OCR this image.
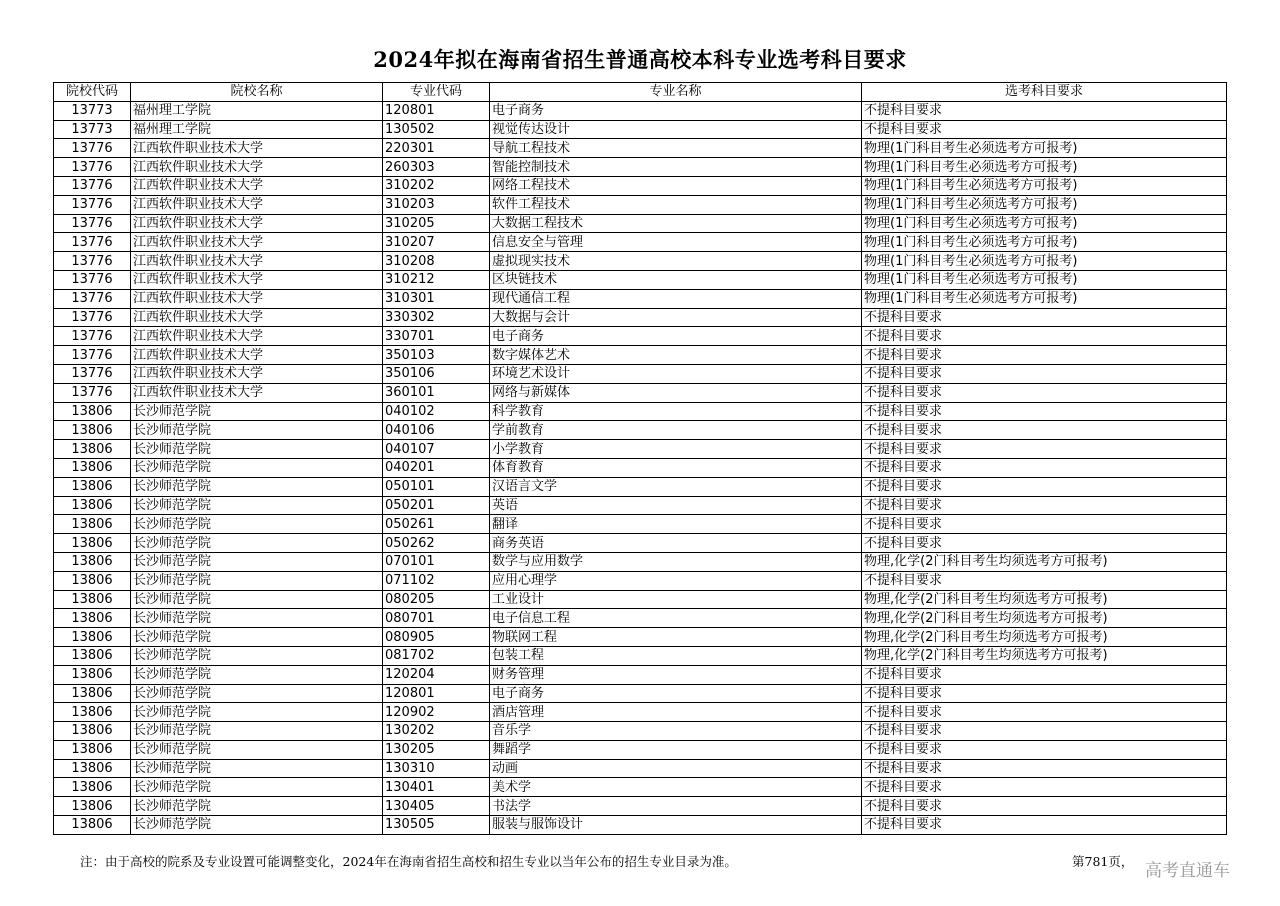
2024年拟在海南省招生普通高校本科专业选考科目要求
院校代码	院校名称	专业代码	专业名称	选考科目要求
13773	福州理工学院	120801	电子商务	不提科目要求
13773	福州理工学院	130502	视觉传达设计	不提科目要求
13776	江西软件职业技术大学	220301	导航工程技术	物理(1门科目考生必须选考方可报考)
13776	江西软件职业技术大学	260303	智能控制技术	物理(1门科目考生必须选考方可报考)
13776	江西软件职业技术大学	310202	网络工程技术	物理(1门科目考生必须选考方可报考)
13776	江西软件职业技术大学	310203	软件工程技术	物理(1门科目考生必须选考方可报考)
13776	江西软件职业技术大学	310205	大数据工程技术	物理(1门科目考生必须选考方可报考)
13776	江西软件职业技术大学	310207	信息安全与管理	物理(1门科目考生必须选考方可报考)
13776	江西软件职业技术大学	310208	虚拟现实技术	物理(1门科目考生必须选考方可报考)
13776	江西软件职业技术大学	310212	区块链技术	物理(1门科目考生必须选考方可报考)
13776	江西软件职业技术大学	310301	现代通信工程	物理(1门科目考生必须选考方可报考)
13776	江西软件职业技术大学	330302	大数据与会计	不提科目要求
13776	江西软件职业技术大学	330701	电子商务	不提科目要求
13776	江西软件职业技术大学	350103	数字媒体艺术	不提科目要求
13776	江西软件职业技术大学	350106	环境艺术设计	不提科目要求
13776	江西软件职业技术大学	360101	网络与新媒体	不提科目要求
13806	长沙师范学院	040102	科学教育	不提科目要求
13806	长沙师范学院	040106	学前教育	不提科目要求
13806	长沙师范学院	040107	小学教育	不提科目要求
13806	长沙师范学院	040201	体育教育	不提科目要求
13806	长沙师范学院	050101	汉语言文学	不提科目要求
13806	长沙师范学院	050201	英语	不提科目要求
13806	长沙师范学院	050261	翻译	不提科目要求
13806	长沙师范学院	050262	商务英语	不提科目要求
13806	长沙师范学院	070101	数学与应用数学	物理,化学(2门科目考生均须选考方可报考)
13806	长沙师范学院	071102	应用心理学	不提科目要求
13806	长沙师范学院	080205	工业设计	物理,化学(2门科目考生均须选考方可报考)
13806	长沙师范学院	080701	电子信息工程	物理,化学(2门科目考生均须选考方可报考)
13806	长沙师范学院	080905	物联网工程	物理,化学(2门科目考生均须选考方可报考)
13806	长沙师范学院	081702	包装工程	物理,化学(2门科目考生均须选考方可报考)
13806	长沙师范学院	120204	财务管理	不提科目要求
13806	长沙师范学院	120801	电子商务	不提科目要求
13806	长沙师范学院	120902	酒店管理	不提科目要求
13806	长沙师范学院	130202	音乐学	不提科目要求
13806	长沙师范学院	130205	舞蹈学	不提科目要求
13806	长沙师范学院	130310	动画	不提科目要求
13806	长沙师范学院	130401	美术学	不提科目要求
13806	长沙师范学院	130405	书法学	不提科目要求
13806	长沙师范学院	130505	服装与服饰设计	不提科目要求
注：由于高校的院系及专业设置可能调整变化，2024年在海南省招生高校和招生专业以当年公布的招生专业目录为准。	第781页， 高考直通车
